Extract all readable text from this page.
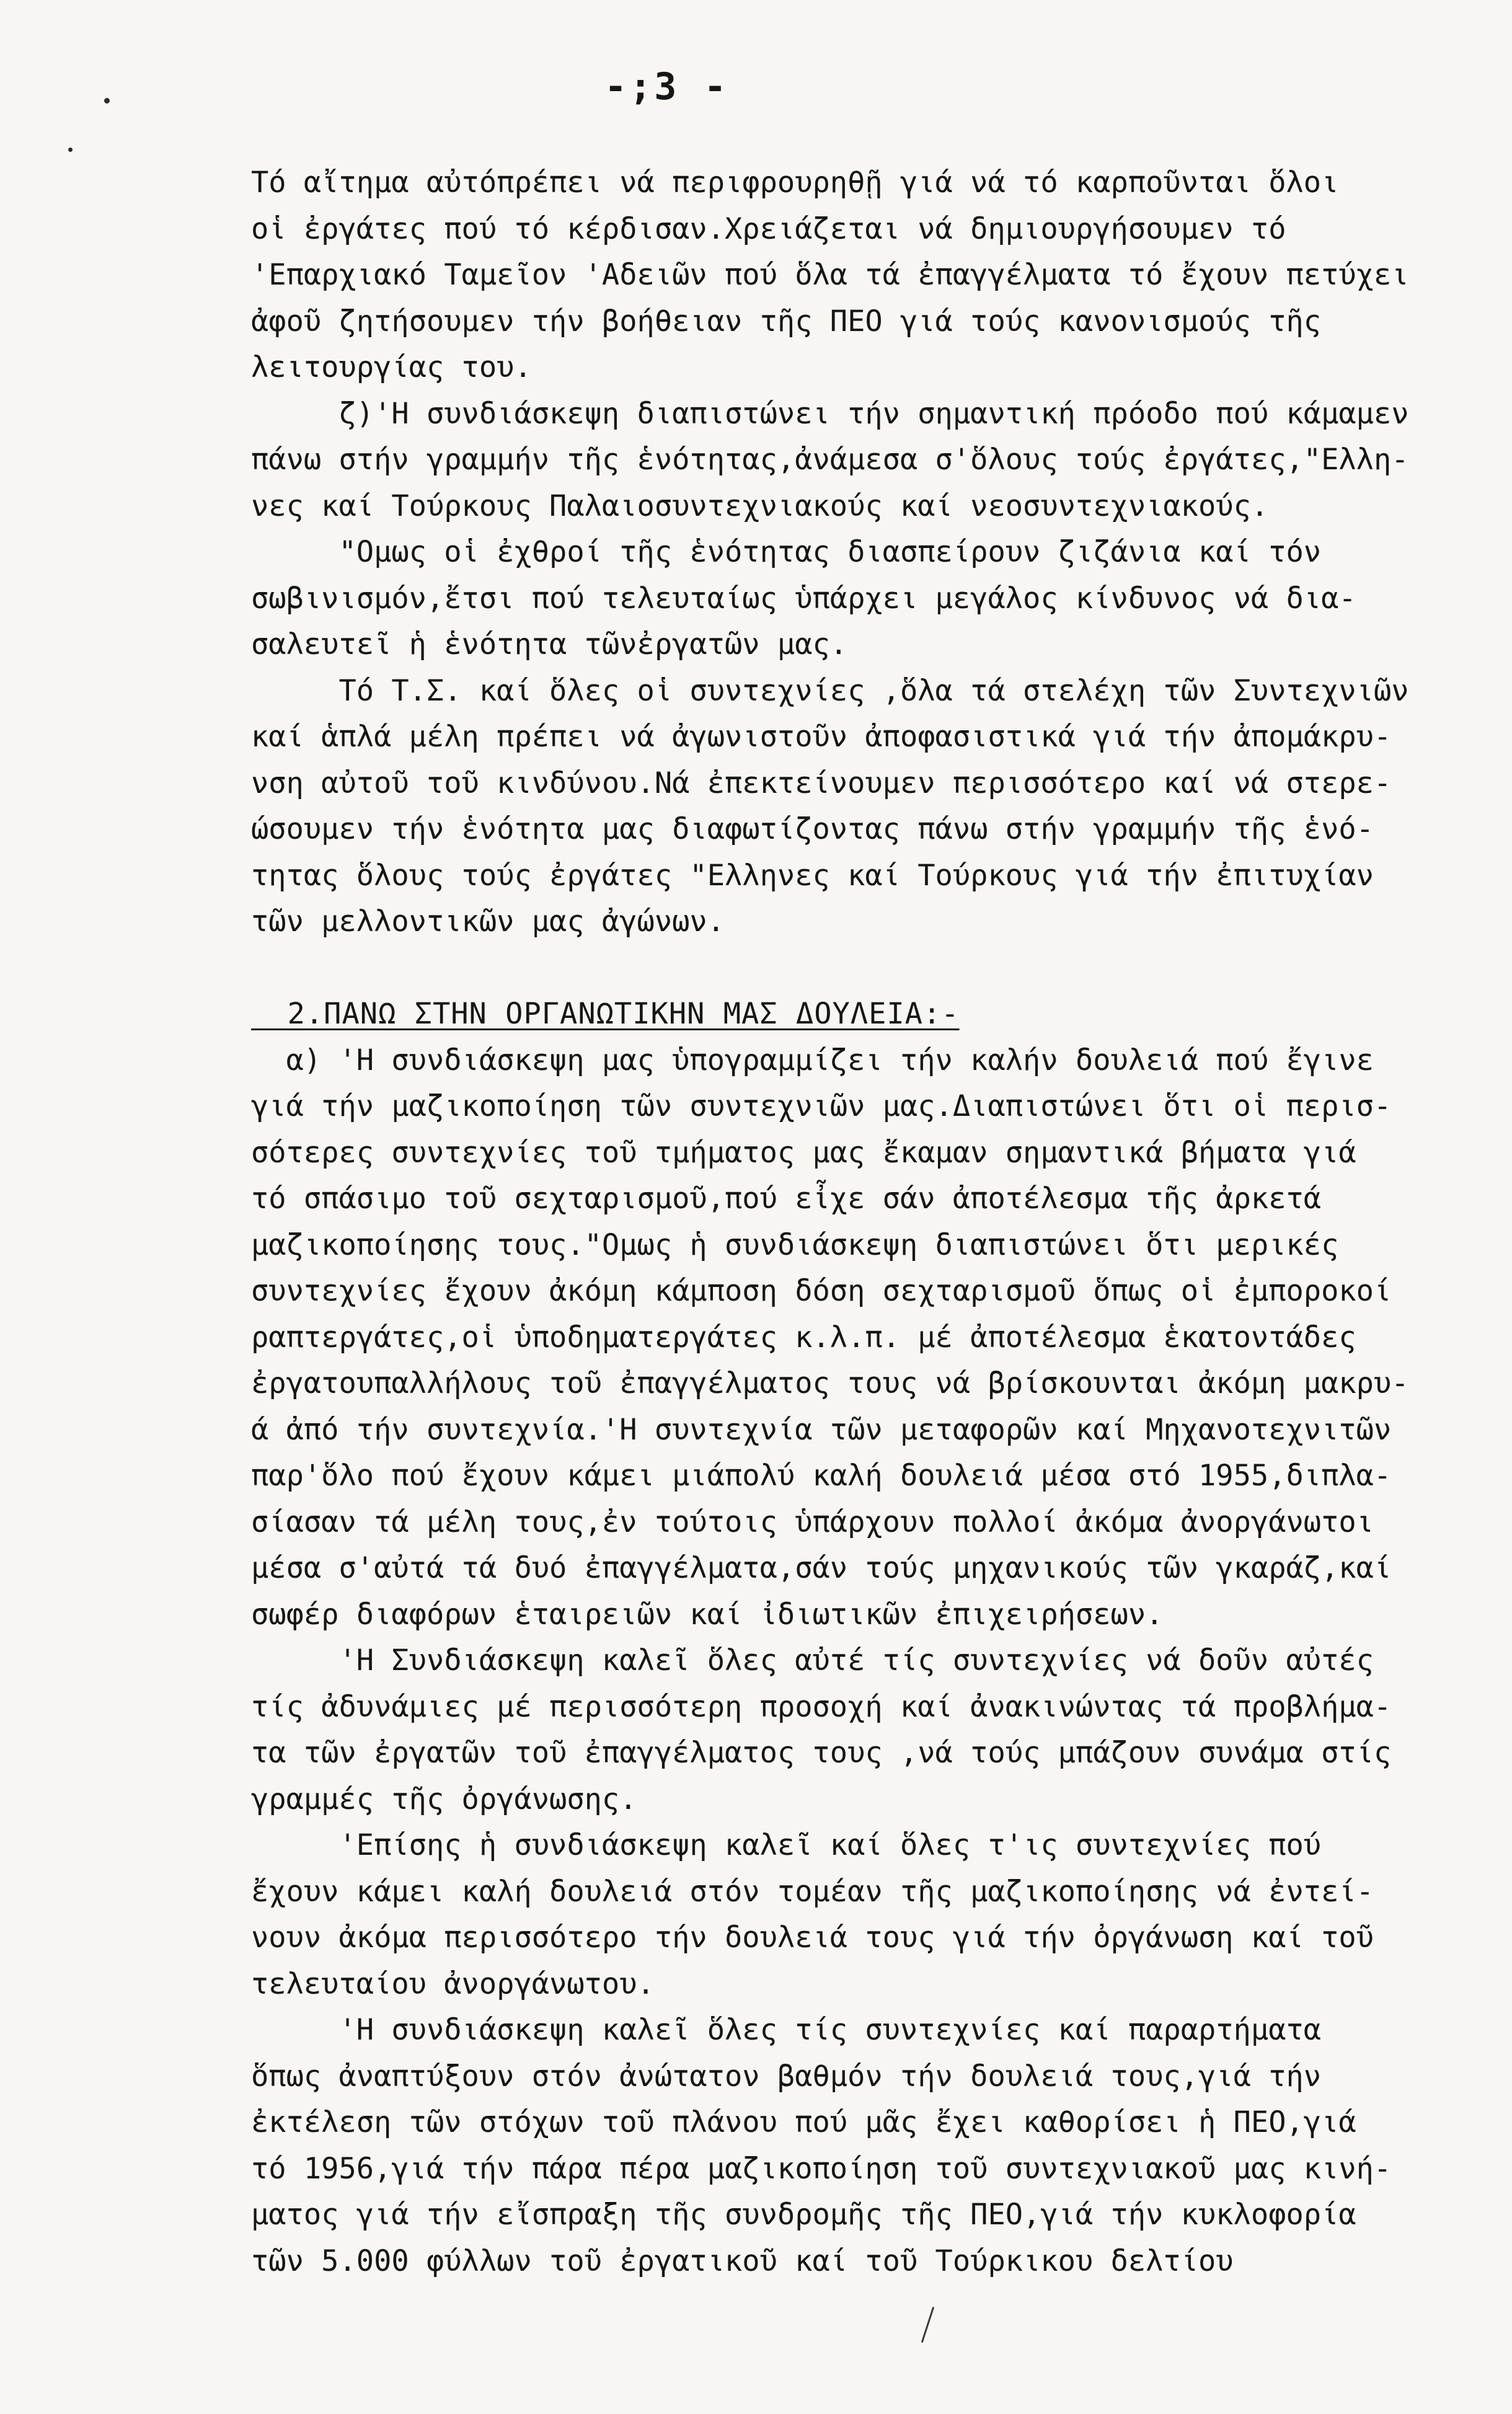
-;3 -
Τό αἴτημα αὐτόπρέπει νά περιφρουρηθῇ γιά νά τό καρποῦνται ὅλοι
οἱ ἐργάτες πού τό κέρδισαν.Χρειάζεται νά δημιουργήσουμεν τό
'Επαρχιακό Ταμεῖον 'Αδειῶν πού ὅλα τά ἐπαγγέλματα τό ἔχουν πετύχει
ἀφοῦ ζητήσουμεν τήν βοήθειαν τῆς ΠΕΟ γιά τούς κανονισμούς τῆς
λειτουργίας του.
ζ)'Η συνδιάσκεψη διαπιστώνει τήν σημαντική πρόοδο πού κάμαμεν
πάνω στήν γραμμήν τῆς ἑνότητας,ἀνάμεσα σ'ὅλους τούς ἐργάτες,"Ελλη-
νες καί Τούρκους Παλαιοσυντεχνιακούς καί νεοσυντεχνιακούς.
"Ομως οἱ ἐχθροί τῆς ἑνότητας διασπείρουν ζιζάνια καί τόν
σωβινισμόν,ἔτσι πού τελευταίως ὑπάρχει μεγάλος κίνδυνος νά δια-
σαλευτεῖ ἡ ἑνότητα τῶνἐργατῶν μας.
Τό Τ.Σ. καί ὅλες οἱ συντεχνίες ,ὅλα τά στελέχη τῶν Συντεχνιῶν
καί ἁπλά μέλη πρέπει νά ἀγωνιστοῦν ἀποφασιστικά γιά τήν ἀπομάκρυ-
νση αὐτοῦ τοῦ κινδύνου.Νά ἐπεκτείνουμεν περισσότερο καί νά στερε-
ώσουμεν τήν ἑνότητα μας διαφωτίζοντας πάνω στήν γραμμήν τῆς ἑνό-
τητας ὅλους τούς ἐργάτες "Ελληνες καί Τούρκους γιά τήν ἐπιτυχίαν
τῶν μελλοντικῶν μας ἀγώνων.
2.ΠΑΝΩ ΣΤΗΝ ΟΡΓΑΝΩΤΙΚΗΝ ΜΑΣ ΔΟΥΛΕΙΑ:-
α) 'Η συνδιάσκεψη μας ὑπογραμμίζει τήν καλήν δουλειά πού ἔγινε
γιά τήν μαζικοποίηση τῶν συντεχνιῶν μας.Διαπιστώνει ὅτι οἱ περισ-
σότερες συντεχνίες τοῦ τμήματος μας ἔκαμαν σημαντικά βήματα γιά
τό σπάσιμο τοῦ σεχταρισμοῦ,πού εἶχε σάν ἀποτέλεσμα τῆς ἀρκετά
μαζικοποίησης τους."Ομως ἡ συνδιάσκεψη διαπιστώνει ὅτι μερικές
συντεχνίες ἔχουν ἀκόμη κάμποση δόση σεχταρισμοῦ ὅπως οἱ ἐμποροκοί
ραπτεργάτες,οἱ ὑποδηματεργάτες κ.λ.π. μέ ἀποτέλεσμα ἑκατοντάδες
ἐργατουπαλλήλους τοῦ ἐπαγγέλματος τους νά βρίσκουνται ἀκόμη μακρυ-
ά ἀπό τήν συντεχνία.'Η συντεχνία τῶν μεταφορῶν καί Μηχανοτεχνιτῶν
παρ'ὅλο πού ἔχουν κάμει μιάπολύ καλή δουλειά μέσα στό 1955,διπλα-
σίασαν τά μέλη τους,ἐν τούτοις ὑπάρχουν πολλοί ἀκόμα ἀνοργάνωτοι
μέσα σ'αὐτά τά δυό ἐπαγγέλματα,σάν τούς μηχανικούς τῶν γκαράζ,καί
σωφέρ διαφόρων ἑταιρειῶν καί ἰδιωτικῶν ἐπιχειρήσεων.
'Η Συνδιάσκεψη καλεῖ ὅλες αὐτέ τίς συντεχνίες νά δοῦν αὐτές
τίς ἀδυνάμιες μέ περισσότερη προσοχή καί ἀνακινώντας τά προβλήμα-
τα τῶν ἐργατῶν τοῦ ἐπαγγέλματος τους ,νά τούς μπάζουν συνάμα στίς
γραμμές τῆς ὀργάνωσης.
'Επίσης ἡ συνδιάσκεψη καλεῖ καί ὅλες τ'ις συντεχνίες πού
ἔχουν κάμει καλή δουλειά στόν τομέαν τῆς μαζικοποίησης νά ἐντεί-
νουν ἀκόμα περισσότερο τήν δουλειά τους γιά τήν ὀργάνωση καί τοῦ
τελευταίου ἀνοργάνωτου.
'Η συνδιάσκεψη καλεῖ ὅλες τίς συντεχνίες καί παραρτήματα
ὅπως ἀναπτύξουν στόν ἀνώτατον βαθμόν τήν δουλειά τους,γιά τήν
ἐκτέλεση τῶν στόχων τοῦ πλάνου πού μᾶς ἔχει καθορίσει ἡ ΠΕΟ,γιά
τό 1956,γιά τήν πάρα πέρα μαζικοποίηση τοῦ συντεχνιακοῦ μας κινή-
ματος γιά τήν εἴσπραξη τῆς συνδρομῆς τῆς ΠΕΟ,γιά τήν κυκλοφορία
τῶν 5.000 φύλλων τοῦ ἐργατικοῦ καί τοῦ Τούρκικου δελτίου
